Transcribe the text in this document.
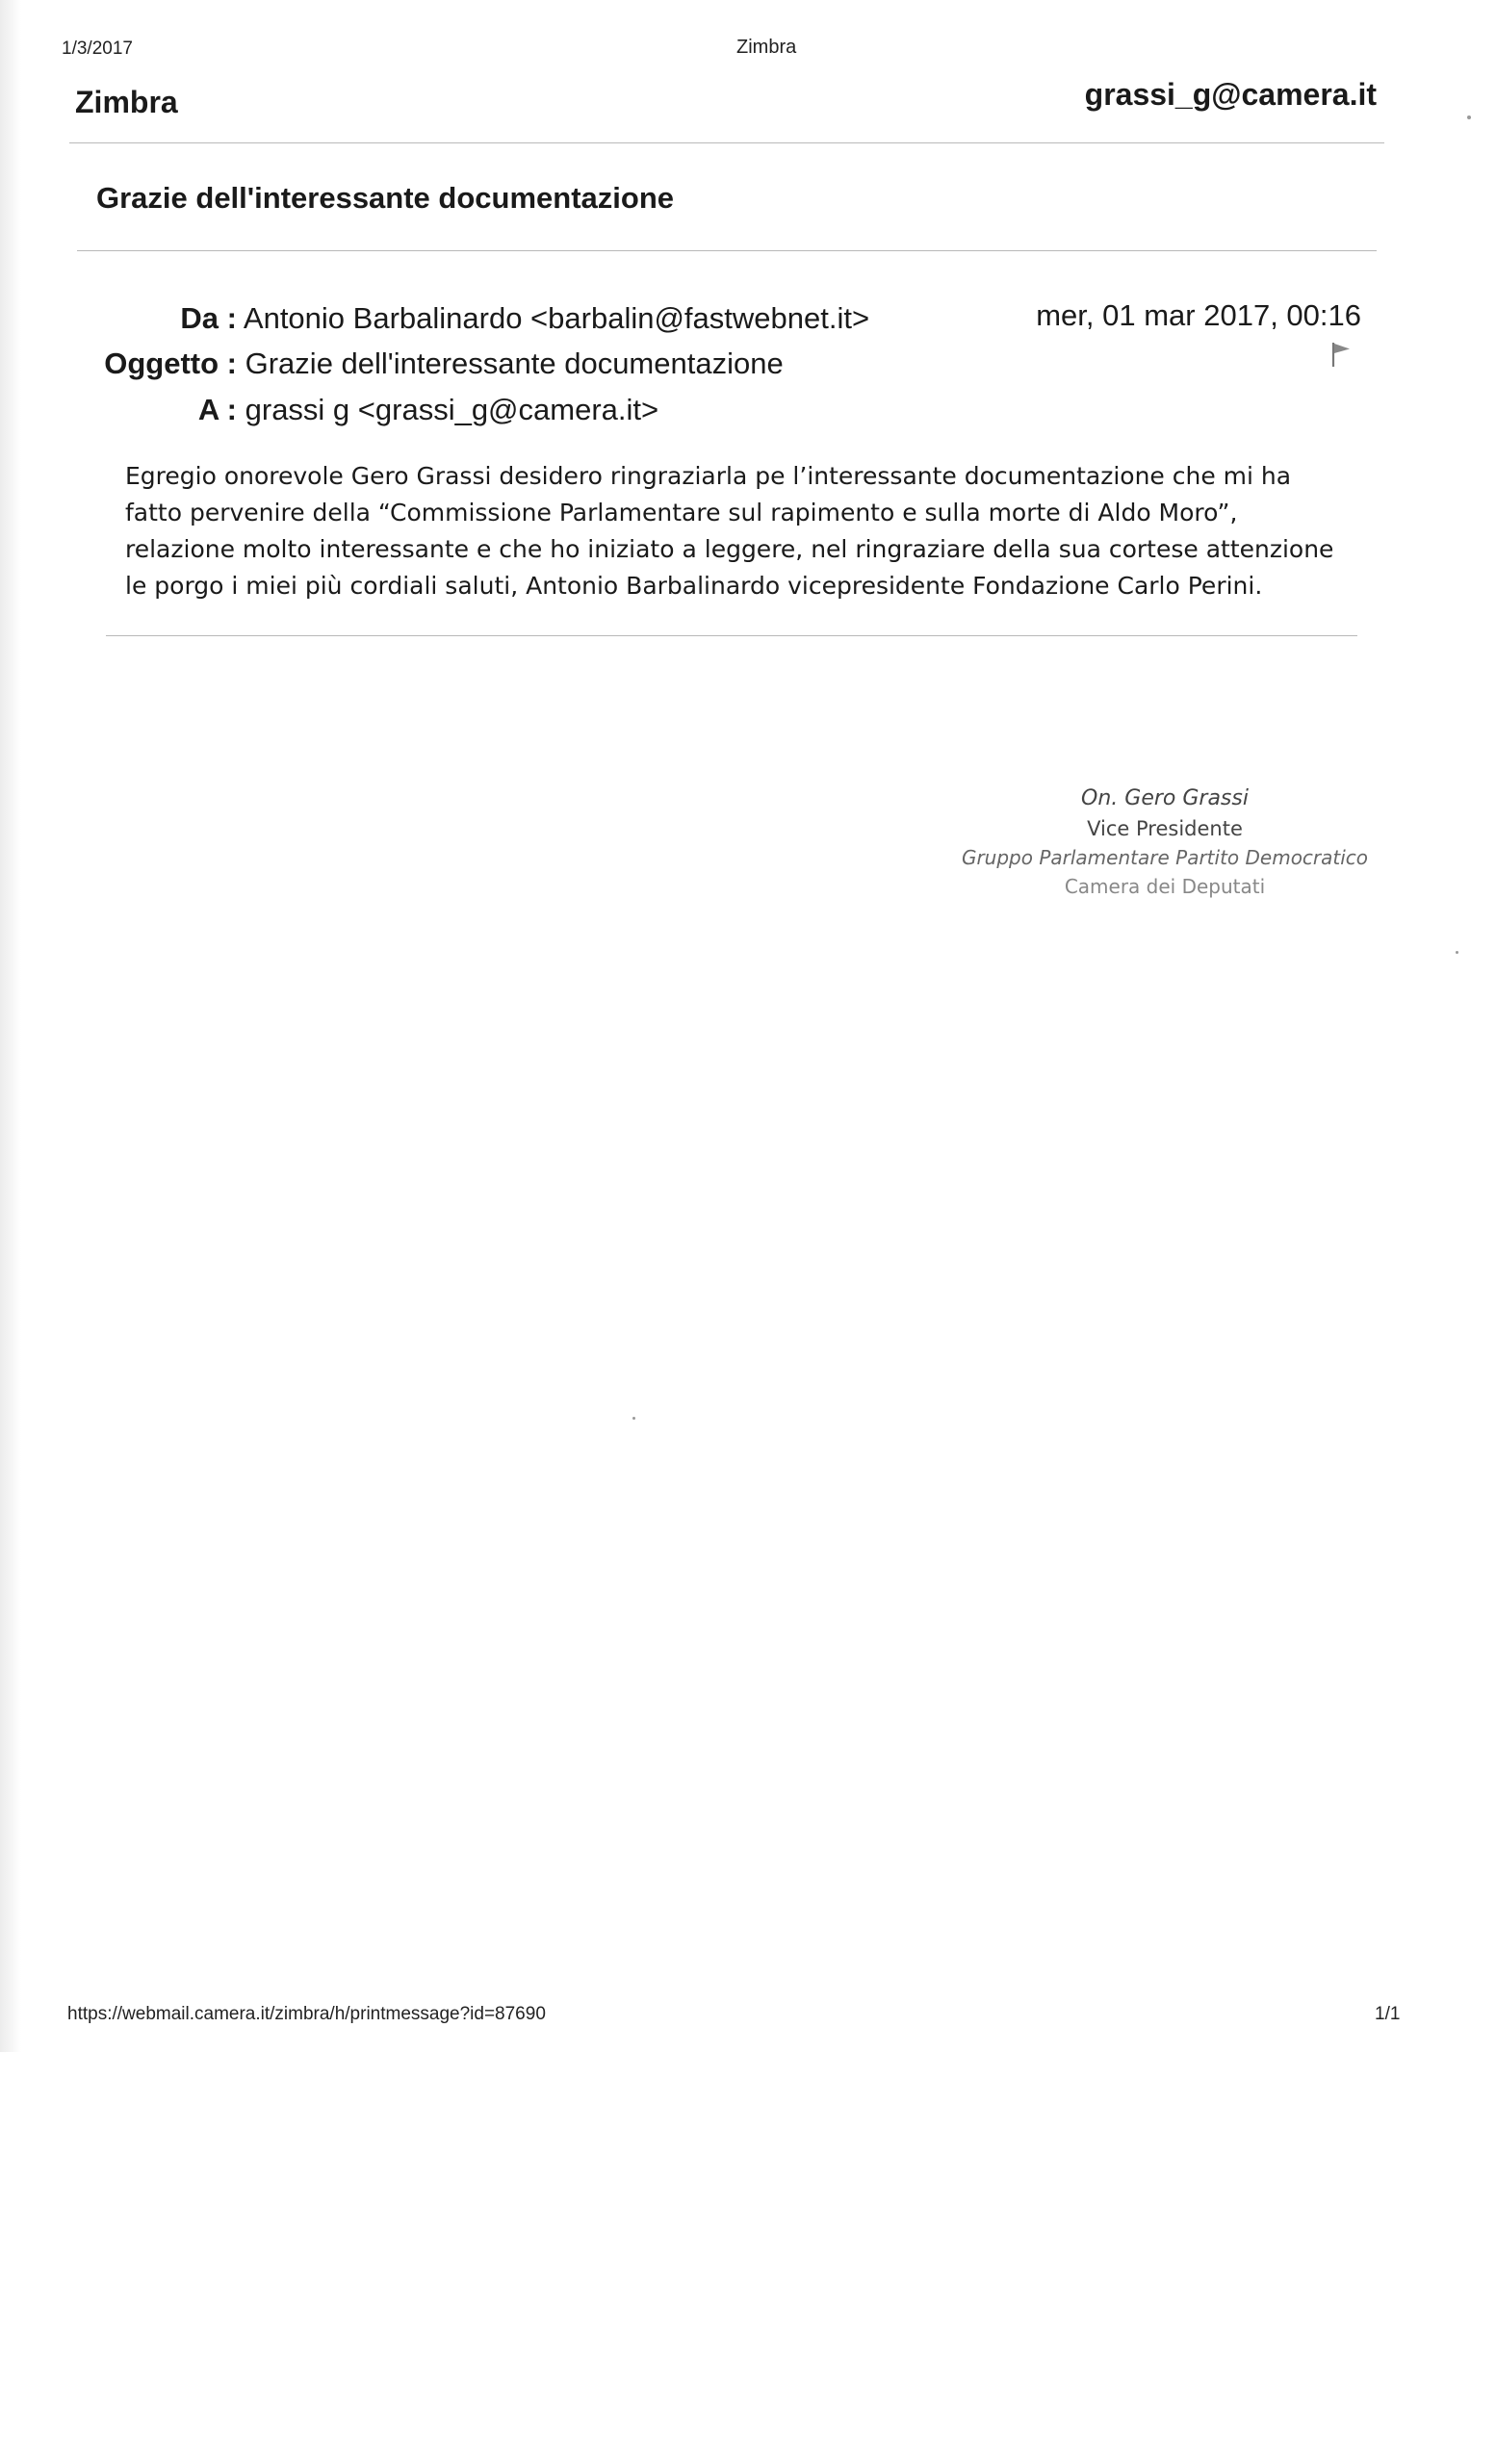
1/3/2017	Zimbra
Zimbra	grassi_g@camera.it
Grazie dell'interessante documentazione
Da : Antonio Barbalinardo <barbalin@fastwebnet.it>
Oggetto : Grazie dell'interessante documentazione
A : grassi g <grassi_g@camera.it>
mer, 01 mar 2017, 00:16
Egregio onorevole Gero Grassi desidero ringraziarla pe l’interessante documentazione che mi ha
fatto pervenire della “Commissione Parlamentare sul rapimento e sulla morte di Aldo Moro”,
relazione molto interessante e che ho iniziato a leggere, nel ringraziare della sua cortese attenzione
le porgo i miei più cordiali saluti, Antonio Barbalinardo vicepresidente Fondazione Carlo Perini.
On. Gero Grassi
Vice Presidente
Gruppo Parlamentare Partito Democratico
Camera dei Deputati
https://webmail.camera.it/zimbra/h/printmessage?id=87690	1/1
